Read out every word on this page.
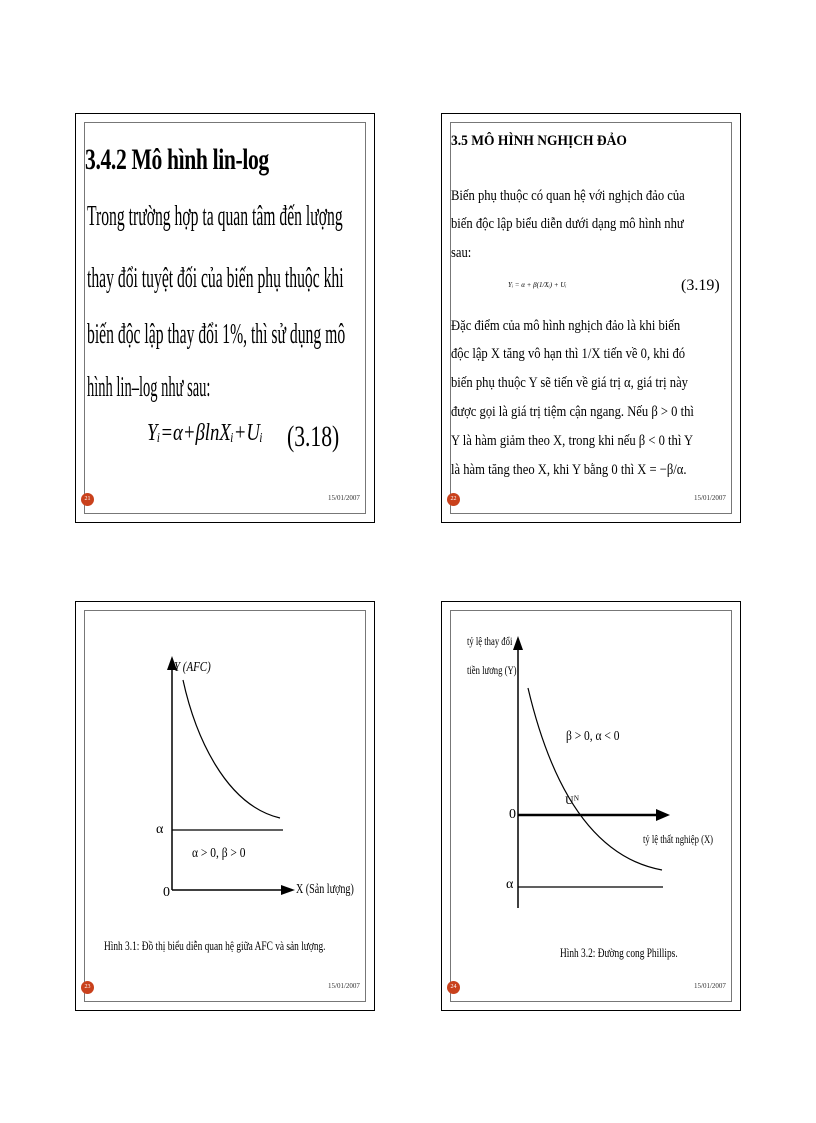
3.4.2 Mô hình lin-log
Trong trường hợp ta quan tâm đến lượng
thay đổi tuyệt đối của biến phụ thuộc khi
biến độc lập thay đổi 1%, thì sử dụng mô
hình lin–log như sau:
Yᵢ=α+βlnXᵢ+Uᵢ (3.18)
21	15/01/2007
3.5 MÔ HÌNH NGHỊCH ĐẢO
Biến phụ thuộc có quan hệ với nghịch đảo của
biến độc lập biểu diễn dưới dạng mô hình như
sau:
Yᵢ = α + β(1/Xᵢ) + Uᵢ	(3.19)
Đặc điểm của mô hình nghịch đảo là khi biến
độc lập X tăng vô hạn thì 1/X tiến về 0, khi đó
biến phụ thuộc Y sẽ tiến về giá trị α, giá trị này
được gọi là giá trị tiệm cận ngang. Nếu β > 0 thì
Y là hàm giảm theo X, trong khi nếu β < 0 thì Y
là hàm tăng theo X, khi Y bằng 0 thì X = −β/α.
22	15/01/2007
Y (AFC)
α
α > 0, β > 0
0	X (Sản lượng)
Hình 3.1: Đồ thị biểu diễn quan hệ giữa AFC và sản lượng.
23	15/01/2007
tỷ lệ thay đổi
tiền lương (Y)
β > 0, α < 0
Uᴺ
0
tỷ lệ thất nghiệp (X)
α
Hình 3.2: Đường cong Phillips.
24	15/01/2007
